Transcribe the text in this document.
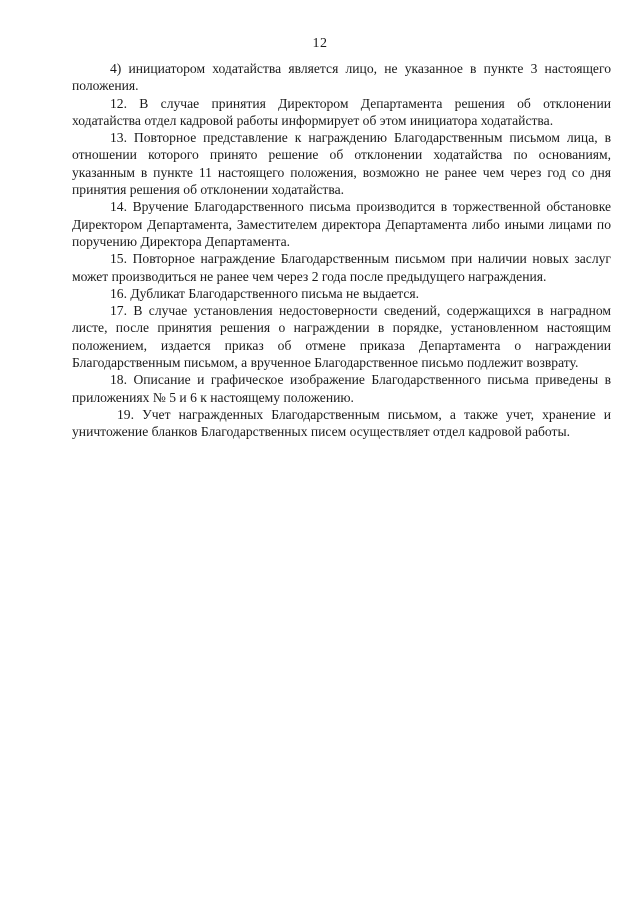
12

4) инициатором ходатайства является лицо, не указанное в пункте 3 настоящего положения.

12. В случае принятия Директором Департамента решения об отклонении ходатайства отдел кадровой работы информирует об этом инициатора ходатайства.

13. Повторное представление к награждению Благодарственным письмом лица, в отношении которого принято решение об отклонении ходатайства по основаниям, указанным в пункте 11 настоящего положения, возможно не ранее чем через год со дня принятия решения об отклонении ходатайства.

14. Вручение Благодарственного письма производится в торжественной обстановке Директором Департамента, Заместителем директора Департамента либо иными лицами по поручению Директора Департамента.

15. Повторное награждение Благодарственным письмом при наличии новых заслуг может производиться не ранее чем через 2 года после предыдущего награждения.

16. Дубликат Благодарственного письма не выдается.

17. В случае установления недостоверности сведений, содержащихся в наградном листе, после принятия решения о награждении в порядке, установленном настоящим положением, издается приказ об отмене приказа Департамента о награждении Благодарственным письмом, а врученное Благодарственное письмо подлежит возврату.

18. Описание и графическое изображение Благодарственного письма приведены в приложениях № 5 и 6 к настоящему положению.

19. Учет награжденных Благодарственным письмом, а также учет, хранение и уничтожение бланков Благодарственных писем осуществляет отдел кадровой работы.
